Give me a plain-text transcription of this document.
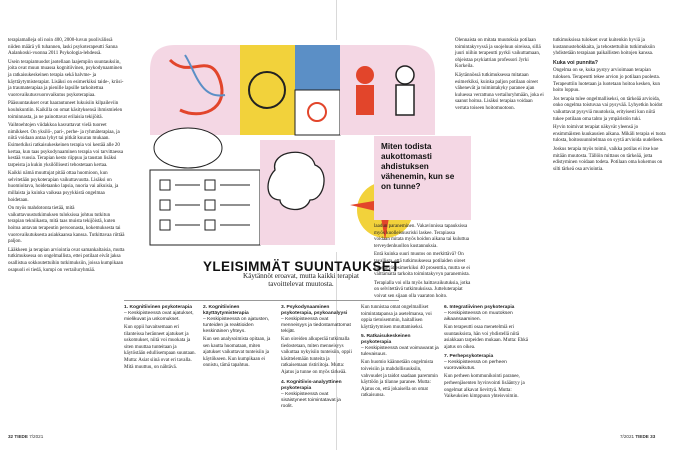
terapiamalleja oli noin 400, 2000-luvun puolivälissä niiden määrä yli tuhannen, laski psykoterapeutti Sanna Aalankoski-vuonna 2011 Psykologia-lehdessä.

Usein terapiamuodot jaotellaan laajempiin suuntauksiin, joita ovat muun muassa kognitiivinen, psykodynaaminen ja ratkaisukeskeinen terapia sekä halvme- ja käyttäytymisterapiat. Lisäksi on esimerkiksi taide-, kriisi- ja traumaterapiaa ja pienille lapsille tarkoitettua vuorovaikutusvuorovaikutus psykoterapiaa.

Pääsuuntaukset ovat haarautuneet lukuisiin kilpaileviin koulukuntiin. Kaikilla on omat käsityksensä ihmismielen toiminnasta, ja ne painottavat erilaisia tekijöitä.

Vaihtoehtojen viidakkoa kasvattavat vielä tuoreet nimikkeet. On yksilö-, pari-, perhe- ja ryhmäterapiaa, ja niitä voidaan antaa lyhyt tai pitkät kuuran mukaan. Esimerkiksi ratkaisukeskeinen terapia voi kestää alle 20 kertaa, kun taas psykodynaaminen terapia voi tarvittaessa kestää vuosia. Terapian kesto riippuu ja taustan lisäksi tarpeista ja kukin yksilöllisesti tehostetaan kertaa.

Kaikki nämä muuttujat pitää ottaa huomioon, kun selvitetään psykoterapian vaikuttavuutta. Lisäksi on huomioitava, hoidetaanko lapsia, nuoria vai aikuisia, ja millaista ja kuinka vaikeaa psyykkistä ongelmaa hoidetaan.

On myös mahdotonta tietää, mitä vaikuttavuustutkimuksen tuloksissa johtuu tutkitun terapian tekniikasta, mitä taas muista tekijöistä, kuten hoitoa antavan terapeutin persoonasta, kokemuksesta tai vuorovaikutuksesta asiakkaansa kanssa. Tutkittavaa riittää paljon.

Lääkkeen ja terapian arviointia ovat samankaltaisia, mutta tutkimuksessa on ongelmallista, ettei potilaat eivät jaksa osallistua sokkoutettuihin tutkimuksiin, joissa kumpikaan osapuoli ei tiedä, kumpi on vertailuryhmää.

Miten todista aukottomasti ahdistuksen vähenemin, kun se on tunne?

Olennaista on mitata muutoksia potilaan toimintakyvyssä ja suojeluun oireissa, sillä juuri niihin terapeutti pyrkii vaikuttamaan, ohjeistaa psykiatrian professori Jyrki Korkeila.

Käytännössä tutkimuksessa mitataan esimerkiksi, kuinka paljon potilaan oireet vähenevät ja toimintakyky paranee ajan kuluessa verrattuna vertailuryhmään, joka ei saanut hoitoa. Lisäksi terapiaa voidaan verrata toiseen hoitomuotoon.

laadun paraneminen. Vakavinnissa tapauksissa myös kuolleisuusriski laskee. Terapiassa voidaan mitata myös hoidon aikana tai kuluttua terveydenhuollon kustannuksia.

Entä kuinka suuri muutos on merkittävä? On tavallista, että tutkimuksessa potilaiden oireet vähenevät esimerkiksi 40 prosenttia, mutta se ei välttämättä tarkoita toimintakyvyn paranemista.

Terapialla voi olla myös haittavaikutuksia, jotka on selvitettävä tutkimuksissa. Jutteluterapiat voivat sen sijaan olla vaaraton hoito.

tutkimuksissa tulokset ovat kuitenkin hyviä ja kustannustehokkaita, ja tehostettuihin tutkimuksiin yhdistetään terapiaan paikallisten hoitojen kanssa.

Kuka voi punnita?

Ongelma on se, kuka pystyy arvioimaan terapian tuloksen. Terapeutti tekee arvion jo potilaan puolesta. Terapeuttiin luotetaan ja luotetaan hoitoa kesken, kun hoito loppuu.

Jos terapia tulee ongelmalliseksi, on tärkeää arvioida, onko ongelma toistuvaa vai pysyvää. Lyhyetkin hoidot vaikuttavat pysyviä muutoksia, erityisesti kun niitä tukee potilaan oma tahto ja ympäristön tuki.

Hyvin toimivat terapiat näkyvät yleensä jo ensimmäisten kuukausien aikana. Mikäli terapia ei tuota tulosta, hoitosuunnitelmaa on syytä arvioida uudelleen.

Joskus terapia myös toimii, vaikka potilas ei itse koe mitään muutosta. Tällöin mittaus on tärkeää, jotta edistyminen voidaan todeta. Potilaan oma kokemus on silti tärkeä osa arviointia.

YLEISIMMÄT SUUNTAUKSET
Käytännöt eroavat, mutta kaikki terapiat tavoittelevat muutosta.
1. Kognitiivinen psykoterapia
– Keskipisteessä ovat ajatukset, mielikuvat ja uskomukset.

Kun oppii havaitsemaan eri tilanteissa heränneet ajatukset ja uskomukset, niitä voi muokata ja siten muuttaa tunteitaan ja käytöstään edullisempaan suuntaan. Mutta: Asiat siinä ovat eri tavalla. Mitä muuttuu, on nähtävä.

2. Kognitiivinen käyttäytymisterapia
– Keskipisteessä on ajatusten, tunteiden ja reaktioiden keskinäinen yhteys.

Kun sen analysoimista opitaan, ja sen kautta huomataan, miten ajatukset vaikuttavat tunteisiin ja käytökseen. Kun kumpikaan ei onnistu, tämä tapahtuu.

3. Psykodynaaminen psykoterapia, psykoanalyysi
– Keskipisteessä ovat menneisyys ja tiedostamattomat tekijät.

Kun oireiden alkuperää tutkimalla tiedostetaan, miten menneisyys vaikuttaa nykyisiin tunteisiin, oppii käsittelemään tunteita ja ratkaisemaan ristiriitoja. Mutta: Ajatus ja tunne on myös tärkeää.

4. Kognitiivis-analyyttinen psykoterapia
– Keskipisteessä ovat sisäistyneet toimintatavat ja roolit.

Kun tunnistaa omat ongelmalliset toimintatapansa ja asetelmansa, voi oppia tietoisemmin, haitallisen käyttäytymisen muuttamiseksi.

5. Ratkaisukeskeinen psykoterapia
– Keskipisteessä ovat voimavarat ja tulevaisuus.

Kun huomio käännetään ongelmista toiveisiin ja mahdollisuuksiin, vahvuudet ja taidot saadaan paremmin käyttöön ja tilanne paranee. Mutta: Ajatus on, että jokaisella on omat ratkaisunsa.

6. Integratiivinen psykoterapia
– Keskipisteessä on muutoksen aikaansaaminen.

Kun terapeutti osaa menetelmiä eri suuntauksista, hän voi yhdistellä niitä asiakkaan tarpeiden mukaan. Mutta: Ehkä ajatus on oikea.

7. Perhepsykoterapia
– Keskipisteessä on perheen vuorovaikutus.

Kun perheen kommunikointi paranee, perheenjäsenten hyvinvointi lisääntyy ja ongelmat alkavat lievittyä. Mutta: Vaikeuksien kimppuun yhteisvoimin.

32 TIEDE 7/2021	7/2021 TIEDE 33
